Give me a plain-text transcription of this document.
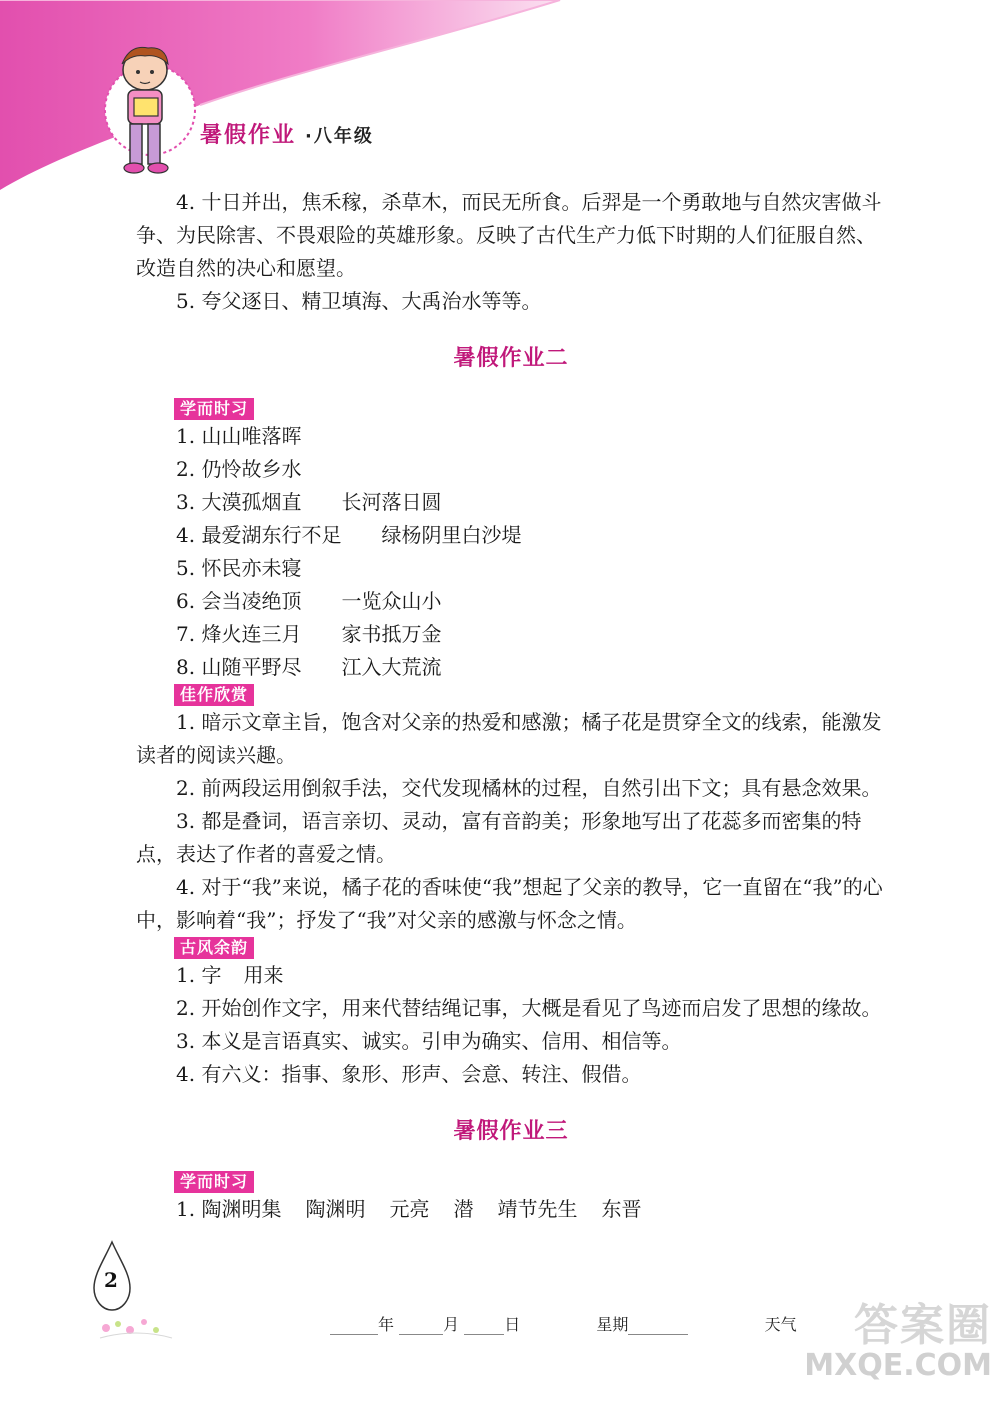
暑假作业 ·八年级

4. 十日并出，焦禾稼，杀草木，而民无所食。后羿是一个勇敢地与自然灾害做斗争、为民除害、不畏艰险的英雄形象。反映了古代生产力低下时期的人们征服自然、改造自然的决心和愿望。

5. 夸父逐日、精卫填海、大禹治水等等。

暑假作业二
学而时习

1. 山山唯落晖

2. 仍怜故乡水

3. 大漠孤烟直 长河落日圆

4. 最爱湖东行不足 绿杨阴里白沙堤

5. 怀民亦未寝

6. 会当凌绝顶 一览众山小

7. 烽火连三月 家书抵万金

8. 山随平野尽 江入大荒流

佳作欣赏

1. 暗示文章主旨，饱含对父亲的热爱和感激；橘子花是贯穿全文的线索，能激发读者的阅读兴趣。

2. 前两段运用倒叙手法，交代发现橘林的过程，自然引出下文；具有悬念效果。

3. 都是叠词，语言亲切、灵动，富有音韵美；形象地写出了花蕊多而密集的特点，表达了作者的喜爱之情。

4. 对于“我”来说，橘子花的香味使“我”想起了父亲的教导，它一直留在“我”的心中，影响着“我”；抒发了“我”对父亲的感激与怀念之情。

古风余韵

1. 字 用来

2. 开始创作文字，用来代替结绳记事，大概是看见了鸟迹而启发了思想的缘故。

3. 本义是言语真实、诚实。引申为确实、信用、相信等。

4. 有六义：指事、象形、形声、会意、转注、假借。

暑假作业三
学而时习

1. 陶渊明集 陶渊明 元亮 潜 靖节先生 东晋

2
年	月	日	星期	天气	答案圈
MXQE.COM
